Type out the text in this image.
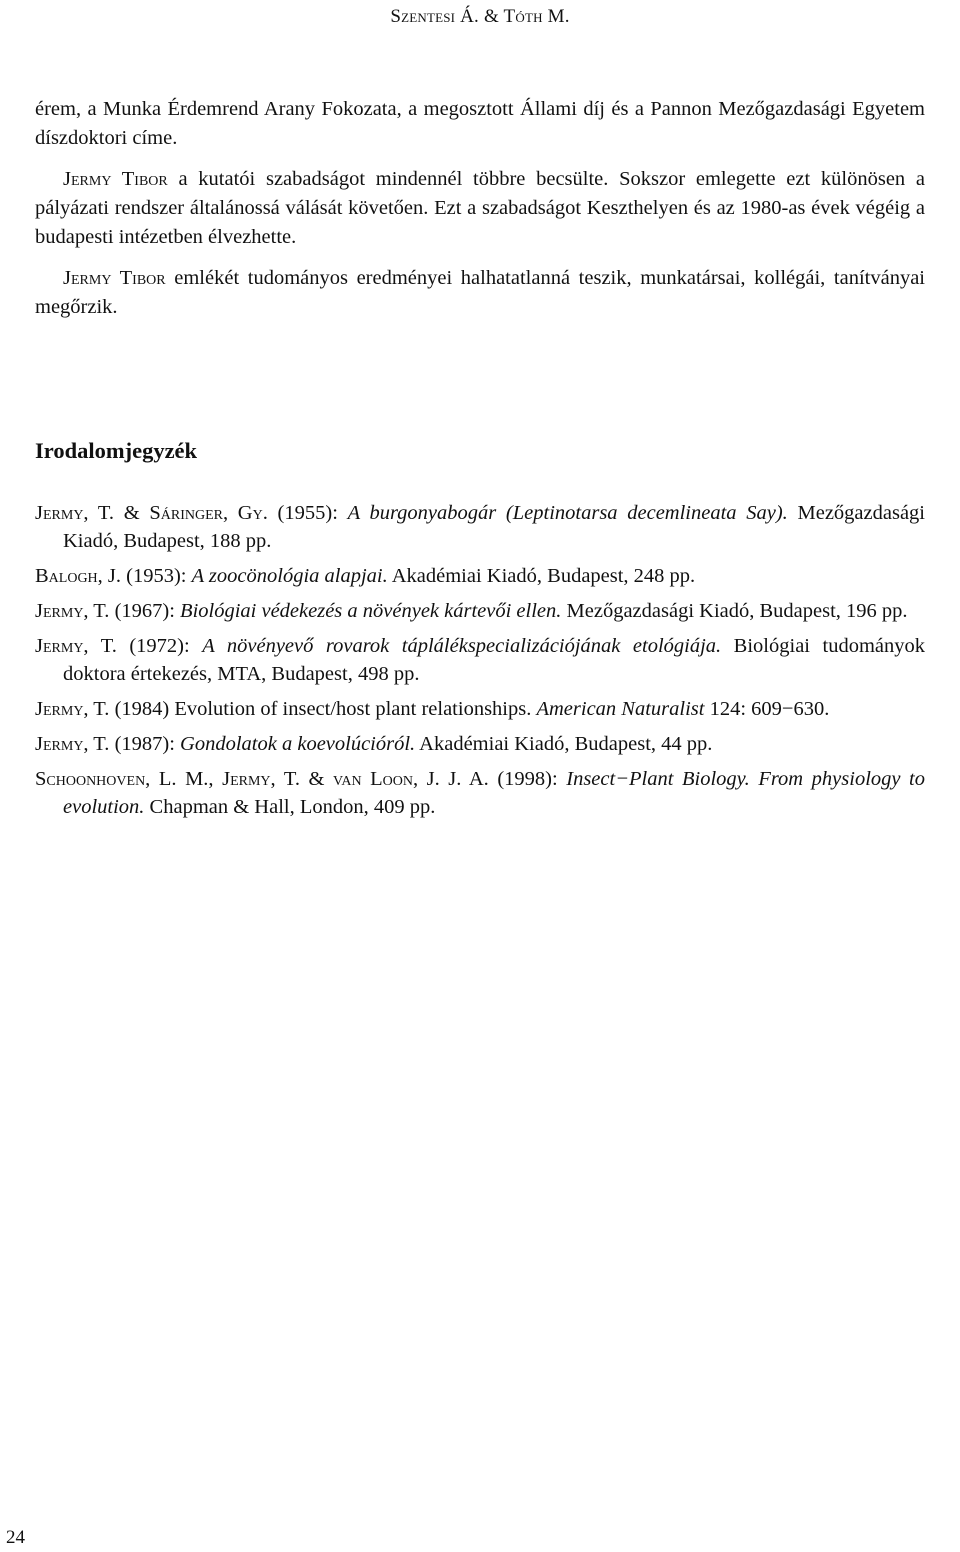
Szentesi Á. & Tóth M.

érem, a Munka Érdemrend Arany Fokozata, a megosztott Állami díj és a Pannon Mezőgazdasági Egyetem díszdoktori címe.

Jermy Tibor a kutatói szabadságot mindennél többre becsülte. Sokszor emlegette ezt különösen a pályázati rendszer általánossá válását követően. Ezt a szabadságot Keszthelyen és az 1980-as évek végéig a budapesti intézetben élvezhette.

Jermy Tibor emlékét tudományos eredményei halhatatlanná teszik, munkatársai, kollégái, tanítványai megőrzik.

Irodalomjegyzék

Jermy, T. & Sáringer, Gy. (1955): A burgonyabogár (Leptinotarsa decemlineata Say). Mezőgazdasági Kiadó, Budapest, 188 pp.

Balogh, J. (1953): A zoocönológia alapjai. Akadémiai Kiadó, Budapest, 248 pp.

Jermy, T. (1967): Biológiai védekezés a növények kártevői ellen. Mezőgazdasági Kiadó, Budapest, 196 pp.

Jermy, T. (1972): A növényevő rovarok táplálékspecializációjának etológiája. Biológiai tudományok doktora értekezés, MTA, Budapest, 498 pp.

Jermy, T. (1984) Evolution of insect/host plant relationships. American Naturalist 124: 609−630.

Jermy, T. (1987): Gondolatok a koevolúcióról. Akadémiai Kiadó, Budapest, 44 pp.

Schoonhoven, L. M., Jermy, T. & van Loon, J. J. A. (1998): Insect−Plant Biology. From physiology to evolution. Chapman & Hall, London, 409 pp.

24
